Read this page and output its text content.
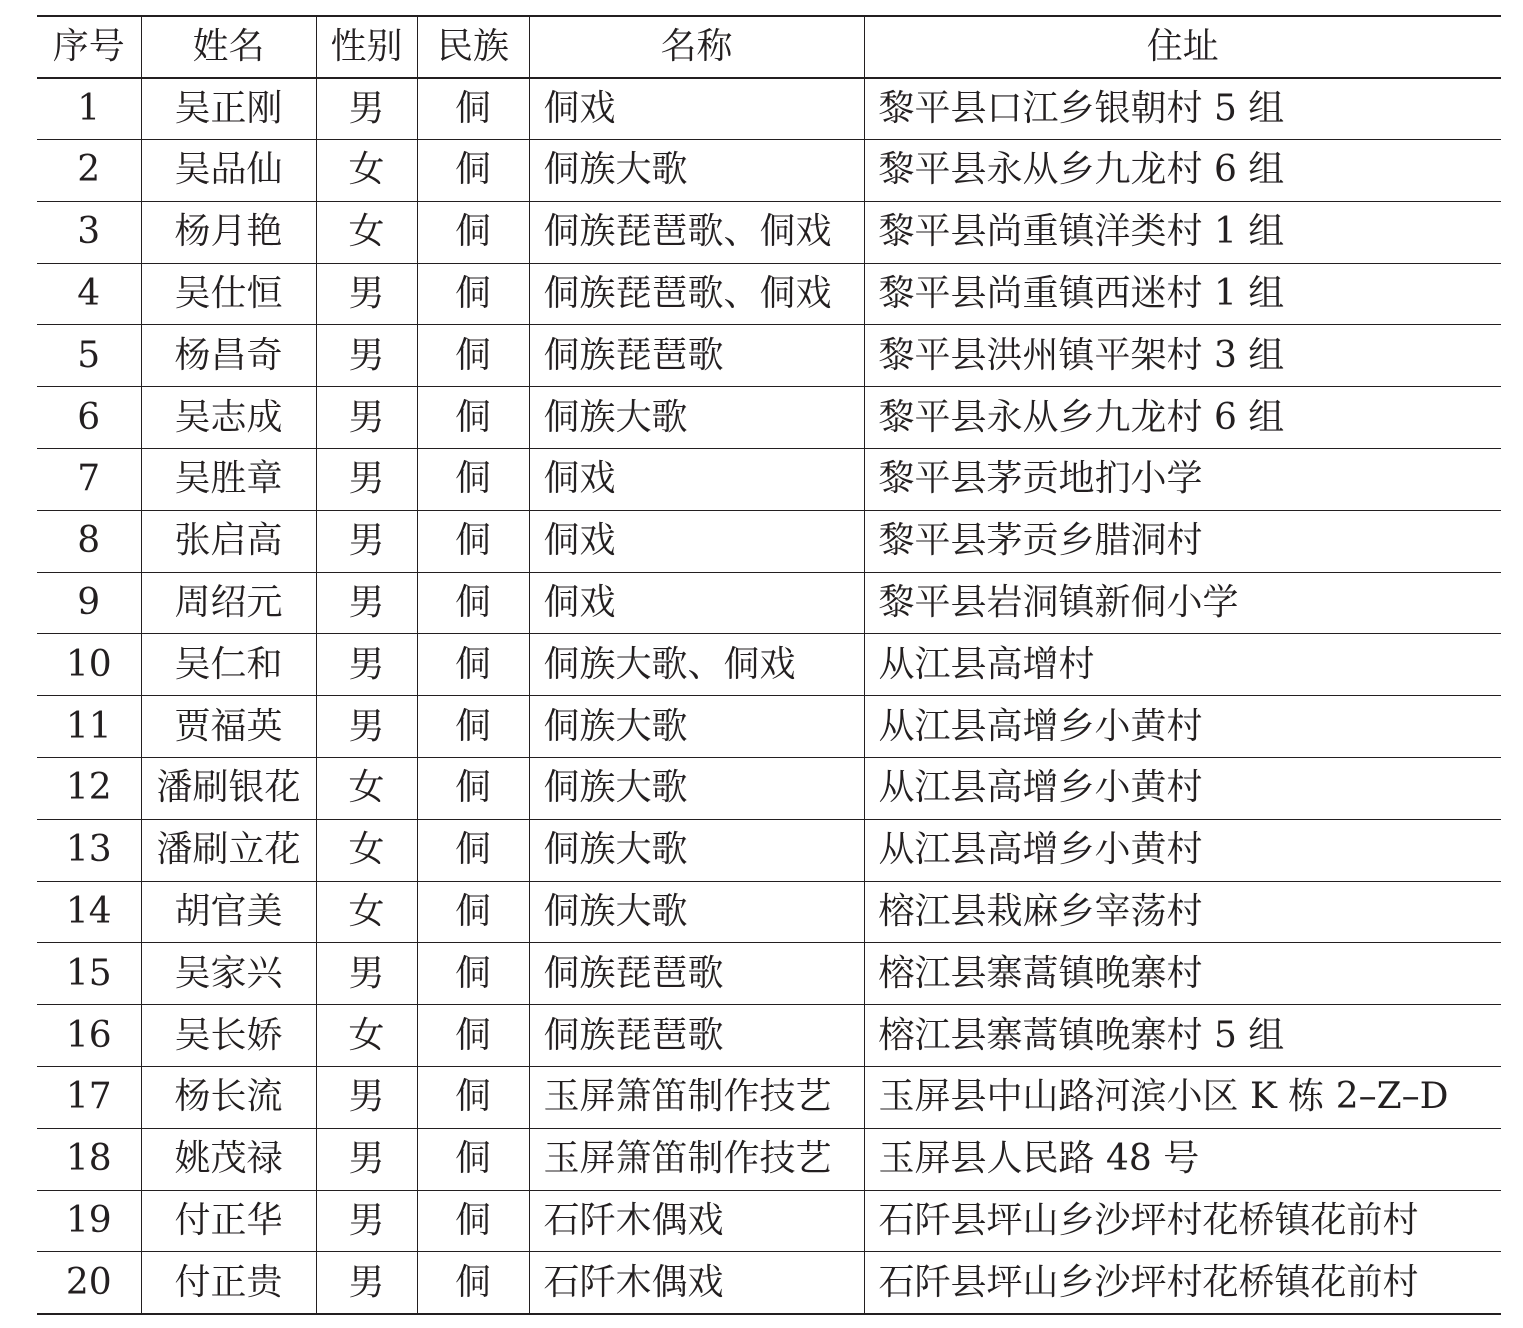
序号	姓名	性别	民族	名称	住址
1	吴正刚	男	侗	侗戏	黎平县口江乡银朝村 5 组
2	吴品仙	女	侗	侗族大歌	黎平县永从乡九龙村 6 组
3	杨月艳	女	侗	侗族琵琶歌、侗戏	黎平县尚重镇洋类村 1 组
4	吴仕恒	男	侗	侗族琵琶歌、侗戏	黎平县尚重镇西迷村 1 组
5	杨昌奇	男	侗	侗族琵琶歌	黎平县洪州镇平架村 3 组
6	吴志成	男	侗	侗族大歌	黎平县永从乡九龙村 6 组
7	吴胜章	男	侗	侗戏	黎平县茅贡地扪小学
8	张启高	男	侗	侗戏	黎平县茅贡乡腊洞村
9	周绍元	男	侗	侗戏	黎平县岩洞镇新侗小学
10	吴仁和	男	侗	侗族大歌、侗戏	从江县高增村
11	贾福英	男	侗	侗族大歌	从江县高增乡小黄村
12	潘刷银花	女	侗	侗族大歌	从江县高增乡小黄村
13	潘刷立花	女	侗	侗族大歌	从江县高增乡小黄村
14	胡官美	女	侗	侗族大歌	榕江县栽麻乡宰荡村
15	吴家兴	男	侗	侗族琵琶歌	榕江县寨蒿镇晚寨村
16	吴长娇	女	侗	侗族琵琶歌	榕江县寨蒿镇晚寨村 5 组
17	杨长流	男	侗	玉屏箫笛制作技艺	玉屏县中山路河滨小区 K 栋 2–Z–D
18	姚茂禄	男	侗	玉屏箫笛制作技艺	玉屏县人民路 48 号
19	付正华	男	侗	石阡木偶戏	石阡县坪山乡沙坪村花桥镇花前村
20	付正贵	男	侗	石阡木偶戏	石阡县坪山乡沙坪村花桥镇花前村
